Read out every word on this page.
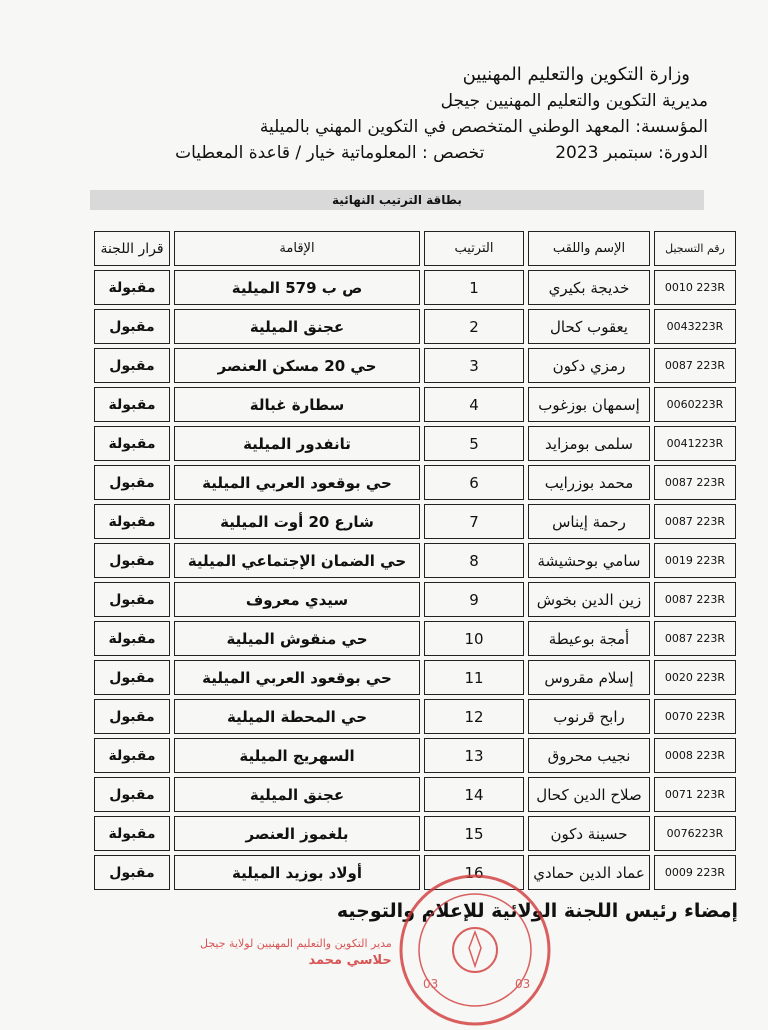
وزارة التكوين والتعليم المهنيين
مديرية التكوين والتعليم المهنيين جيجل
المؤسسة: المعهد الوطني المتخصص في التكوين المهني بالميلية
الدورة: سبتمبر 2023  تخصص : المعلوماتية خيار / قاعدة المعطيات
بطاقة الترتيب النهائية
رقم التسجيل	الإسم واللقب	الترتيب	الإقامة	قرار اللجنة
0010 223R	خديجة بكيري	1	ص ب 579 الميلية	مقبولة
0043223R	يعقوب كحال	2	عجنق الميلية	مقبول
0087 223R	رمزي دكون	3	حي 20 مسكن العنصر	مقبول
0060223R	إسمهان بوزغوب	4	سطارة غبالة	مقبولة
0041223R	سلمى بومزايد	5	تانفدور الميلية	مقبولة
0087 223R	محمد بوزرايب	6	حي بوقعود العربي الميلية	مقبول
0087 223R	رحمة إيناس	7	شارع 20 أوت الميلية	مقبولة
0019 223R	سامي بوحشيشة	8	حي الضمان الإجتماعي الميلية	مقبول
0087 223R	زين الدين بخوش	9	سيدي معروف	مقبول
0087 223R	أمجة بوعيطة	10	حي منقوش الميلية	مقبولة
0020 223R	إسلام مقروس	11	حي بوقعود العربي الميلية	مقبول
0070 223R	رابح قرنوب	12	حي المحطة الميلية	مقبول
0008 223R	نجيب محروق	13	السهريج الميلية	مقبولة
0071 223R	صلاح الدين كحال	14	عجنق الميلية	مقبول
0076223R	حسينة دكون	15	بلغموز العنصر	مقبولة
0009 223R	عماد الدين حمادي	16	أولاد بوزيد الميلية	مقبول
إمضاء رئيس اللجنة الولائية للإعلام والتوجيه
03	03
مدير التكوين والتعليم المهنيين لولاية جيجل
حلاسي محمد
